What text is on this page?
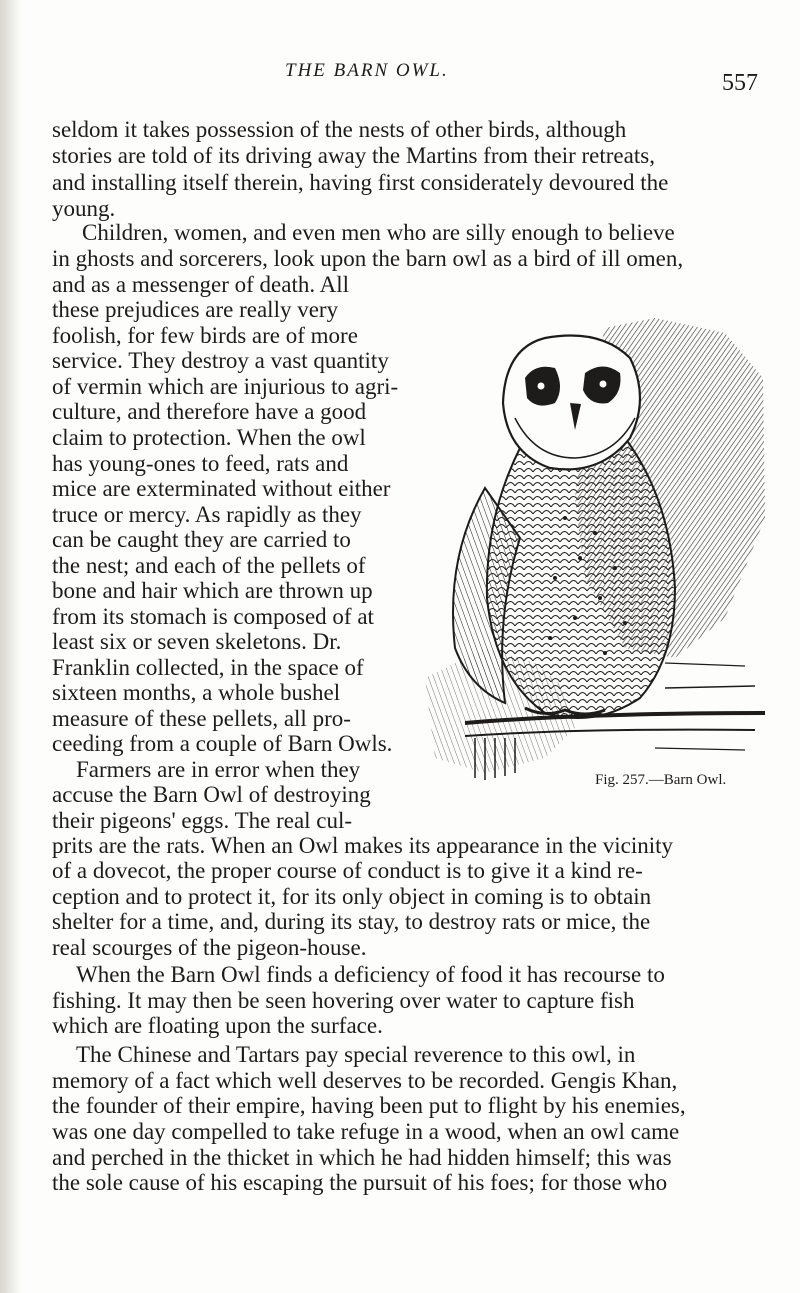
THE BARN OWL.	557
seldom it takes possession of the nests of other birds, although
stories are told of its driving away the Martins from their retreats,
and installing itself therein, having first considerately devoured the
young.
Children, women, and even men who are silly enough to believe
in ghosts and sorcerers, look upon the barn owl as a bird of ill omen,
and as a messenger of death. All
these prejudices are really very
foolish, for few birds are of more
service. They destroy a vast quantity
of vermin which are injurious to agri-
culture, and therefore have a good
claim to protection. When the owl
has young-ones to feed, rats and
mice are exterminated without either
truce or mercy. As rapidly as they
can be caught they are carried to
the nest; and each of the pellets of
bone and hair which are thrown up
from its stomach is composed of at
least six or seven skeletons. Dr.
Franklin collected, in the space of
sixteen months, a whole bushel
measure of these pellets, all pro-
ceeding from a couple of Barn Owls.
Farmers are in error when they
accuse the Barn Owl of destroying
their pigeons' eggs. The real cul-
prits are the rats. When an Owl makes its appearance in the vicinity
of a dovecot, the proper course of conduct is to give it a kind re-
ception and to protect it, for its only object in coming is to obtain
shelter for a time, and, during its stay, to destroy rats or mice, the
real scourges of the pigeon-house.
When the Barn Owl finds a deficiency of food it has recourse to
fishing. It may then be seen hovering over water to capture fish
which are floating upon the surface.
The Chinese and Tartars pay special reverence to this owl, in
memory of a fact which well deserves to be recorded. Gengis Khan,
the founder of their empire, having been put to flight by his enemies,
was one day compelled to take refuge in a wood, when an owl came
and perched in the thicket in which he had hidden himself; this was
the sole cause of his escaping the pursuit of his foes; for those who
Fig. 257.—Barn Owl.
